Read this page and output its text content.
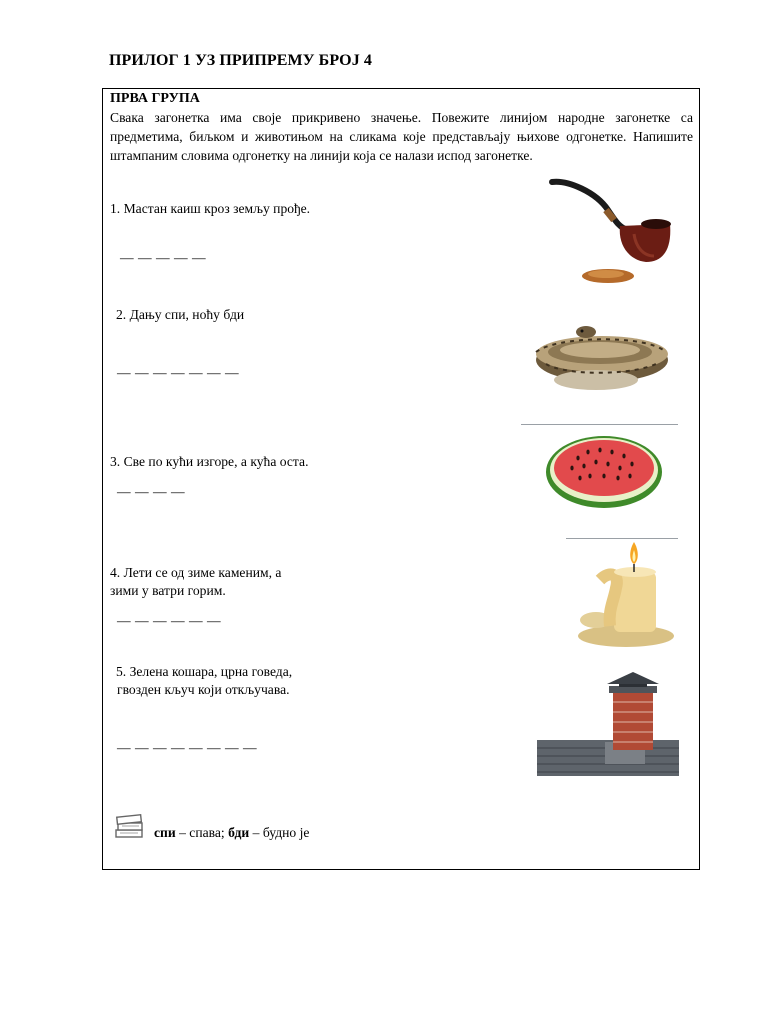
ПРИЛОГ 1 УЗ ПРИПРЕМУ БРОЈ 4
ПРВА ГРУПА
Свака загонетка има своје прикривено значење. Повежите линијом народне загонетке са предметима, биљком и животињом на сликама које представљају њихове одгонетке. Напишите штампаним словима одгонетку на линији која се налази испод загонетке.
1. Мастан каиш кроз земљу прође.
— — — — —
2. Дању спи, ноћу бди
— — — — — — —
3. Све по кући изгоре, а кућа оста.
— — — —
4. Лети се од зиме каменим, а
зими у ватри горим.
— — — — — —
5. Зелена кошара, црна говеда,
гвозден кључ који откључава.
— — — — — — — —
спи – спава; бди – будно је
